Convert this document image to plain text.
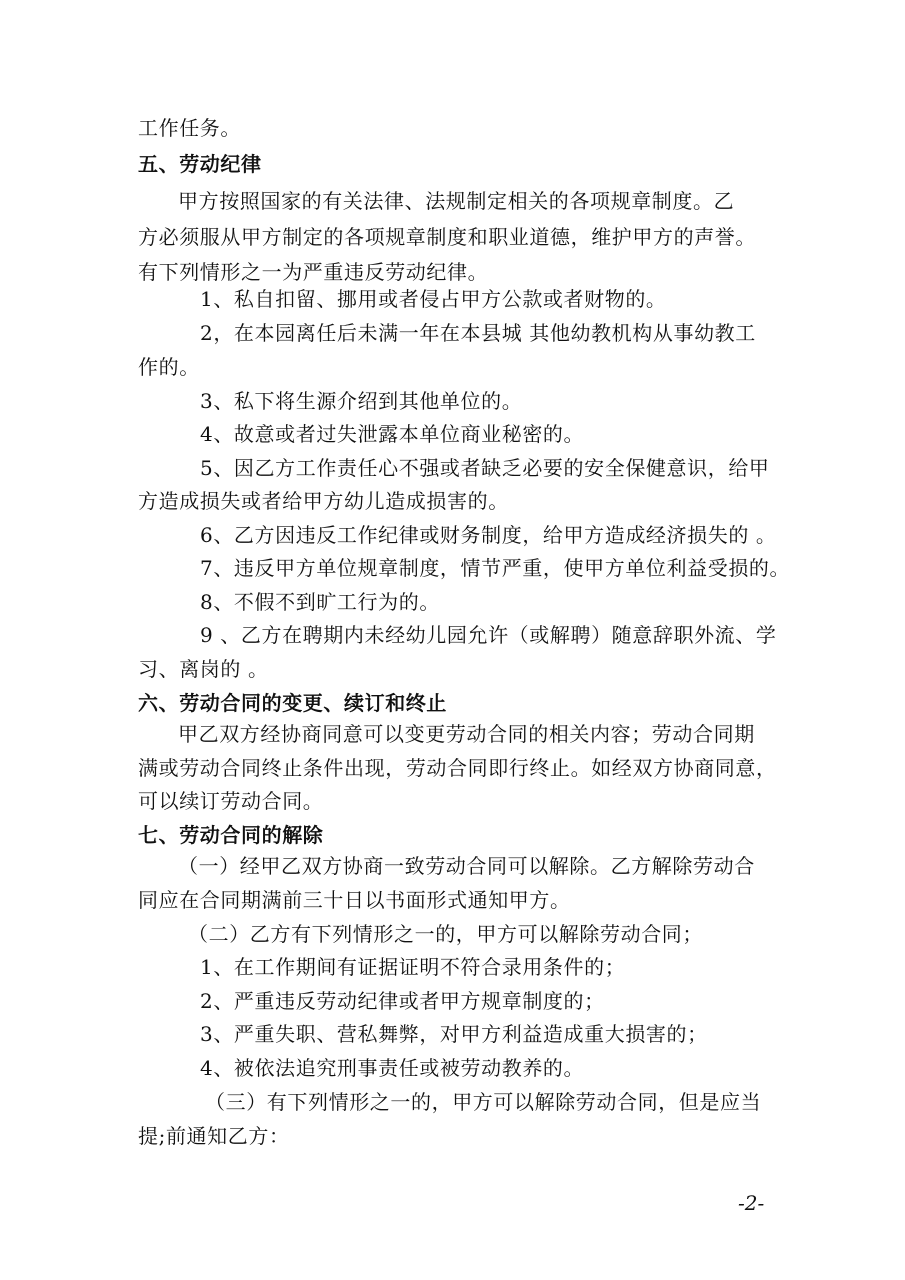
工作任务。
五、劳动纪律
甲方按照国家的有关法律、法规制定相关的各项规章制度。乙
方必须服从甲方制定的各项规章制度和职业道德，维护甲方的声誉。
有下列情形之一为严重违反劳动纪律。
1、私自扣留、挪用或者侵占甲方公款或者财物的。
2，在本园离任后未满一年在本县城 其他幼教机构从事幼教工
作的。
3、私下将生源介绍到其他单位的。
4、故意或者过失泄露本单位商业秘密的。
5、因乙方工作责任心不强或者缺乏必要的安全保健意识，给甲
方造成损失或者给甲方幼儿造成损害的。
6、乙方因违反工作纪律或财务制度，给甲方造成经济损失的 。
7、违反甲方单位规章制度，情节严重，使甲方单位利益受损的。
8、不假不到旷工行为的。
9 、乙方在聘期内未经幼儿园允许（或解聘）随意辞职外流、学
习、离岗的 。
六、劳动合同的变更、续订和终止
甲乙双方经协商同意可以变更劳动合同的相关内容；劳动合同期
满或劳动合同终止条件出现，劳动合同即行终止。如经双方协商同意，
可以续订劳动合同。
七、劳动合同的解除
（一）经甲乙双方协商一致劳动合同可以解除。乙方解除劳动合
同应在合同期满前三十日以书面形式通知甲方。
（二）乙方有下列情形之一的，甲方可以解除劳动合同；
1、在工作期间有证据证明不符合录用条件的；
2、严重违反劳动纪律或者甲方规章制度的；
3、严重失职、营私舞弊，对甲方利益造成重大损害的；
4、被依法追究刑事责任或被劳动教养的。
（三）有下列情形之一的，甲方可以解除劳动合同，但是应当
提;前通知乙方：
-2-
